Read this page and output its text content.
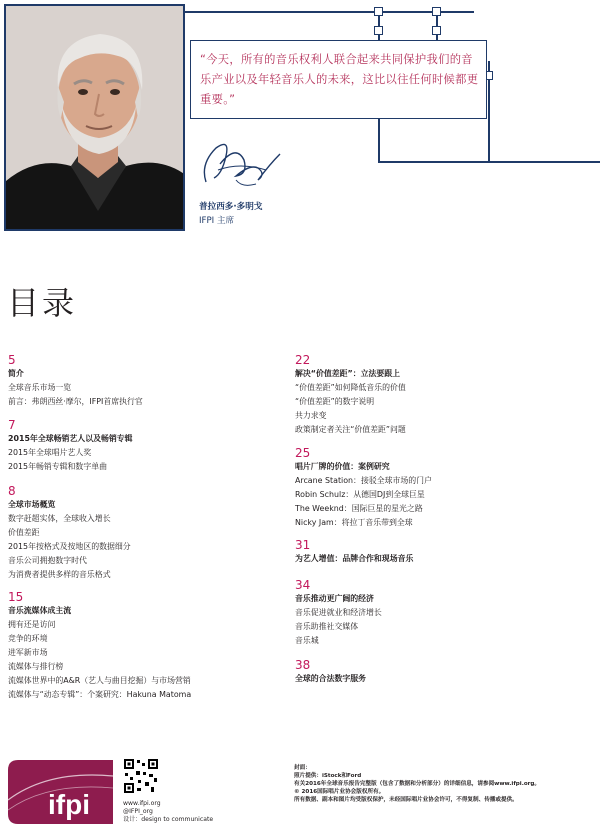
“今天，所有的音乐权利人联合起来共同保护我们的音乐产业以及年轻音乐人的未来，这比以往任何时候都更重要。”
普拉西多·多明戈
IFPI 主席
目录
5
简介
全球音乐市场一览
前言：弗朗西丝·摩尔，IFPI首席执行官
7
2015年全球畅销艺人以及畅销专辑
2015年全球唱片艺人奖
2015年畅销专辑和数字单曲
8
全球市场概览
数字赶超实体，全球收入增长
价值差距
2015年按格式及按地区的数据细分
音乐公司拥抱数字时代
为消费者提供多样的音乐格式
15
音乐流媒体成主流
拥有还是访问
竞争的环境
进军新市场
流媒体与排行榜
流媒体世界中的A&R（艺人与曲目挖掘）与市场营销
流媒体与“动态专辑”：个案研究：Hakuna Matoma
22
解决“价值差距”：立法要跟上
“价值差距”如何降低音乐的价值
“价值差距”的数字说明
共力求变
政策制定者关注“价值差距”问题
25
唱片厂牌的价值：案例研究
Arcane Station：接驳全球市场的门户
Robin Schulz：从德国DJ到全球巨星
The Weeknd：国际巨星的星光之路
Nicky Jam：将拉丁音乐带到全球
31
为艺人增值：品牌合作和现场音乐
34
音乐推动更广阔的经济
音乐促进就业和经济增长
音乐助推社交媒体
音乐城
38
全球的合法数字服务
ifpi	www.ifpi.org
@IFPI_org
设计：design to communicate
封面：
照片提供：iStock和Ford
有关2016年全球音乐报告完整版（包含了数据和分析部分）的详细信息，请参阅www.ifpi.org。
© 2016国际唱片业协会版权所有。
所有数据、副本和图片均受版权保护，未经国际唱片业协会许可，不得复制、传播或提供。
